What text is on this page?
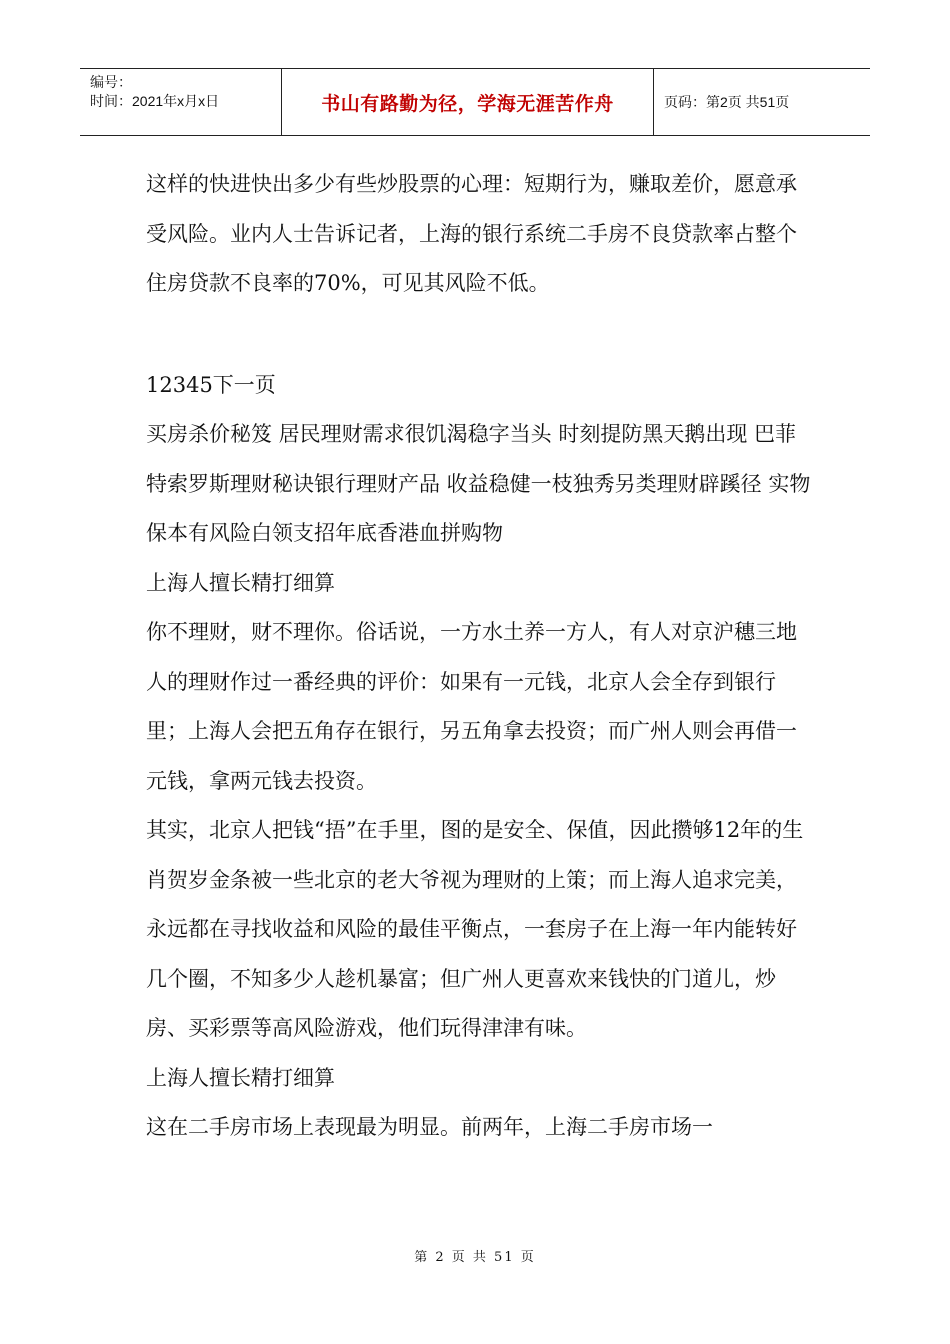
编号：
时间：2021年x月x日	书山有路勤为径，学海无涯苦作舟	页码：第2页 共51页

这样的快进快出多少有些炒股票的心理：短期行为，赚取差价，愿意承受风险。业内人士告诉记者，上海的银行系统二手房不良贷款率占整个住房贷款不良率的70%，可见其风险不低。

12345下一页

买房杀价秘笈 居民理财需求很饥渴稳字当头 时刻提防黑天鹅出现 巴菲特索罗斯理财秘诀银行理财产品 收益稳健一枝独秀另类理财辟蹊径 实物保本有风险白领支招年底香港血拼购物

上海人擅长精打细算

你不理财，财不理你。俗话说，一方水土养一方人，有人对京沪穗三地人的理财作过一番经典的评价：如果有一元钱，北京人会全存到银行里；上海人会把五角存在银行，另五角拿去投资；而广州人则会再借一元钱，拿两元钱去投资。

其实，北京人把钱“捂”在手里，图的是安全、保值，因此攒够12年的生肖贺岁金条被一些北京的老大爷视为理财的上策；而上海人追求完美，永远都在寻找收益和风险的最佳平衡点，一套房子在上海一年内能转好几个圈，不知多少人趁机暴富；但广州人更喜欢来钱快的门道儿，炒房、买彩票等高风险游戏，他们玩得津津有味。

上海人擅长精打细算

这在二手房市场上表现最为明显。前两年，上海二手房市场一

第 2 页 共 51 页
